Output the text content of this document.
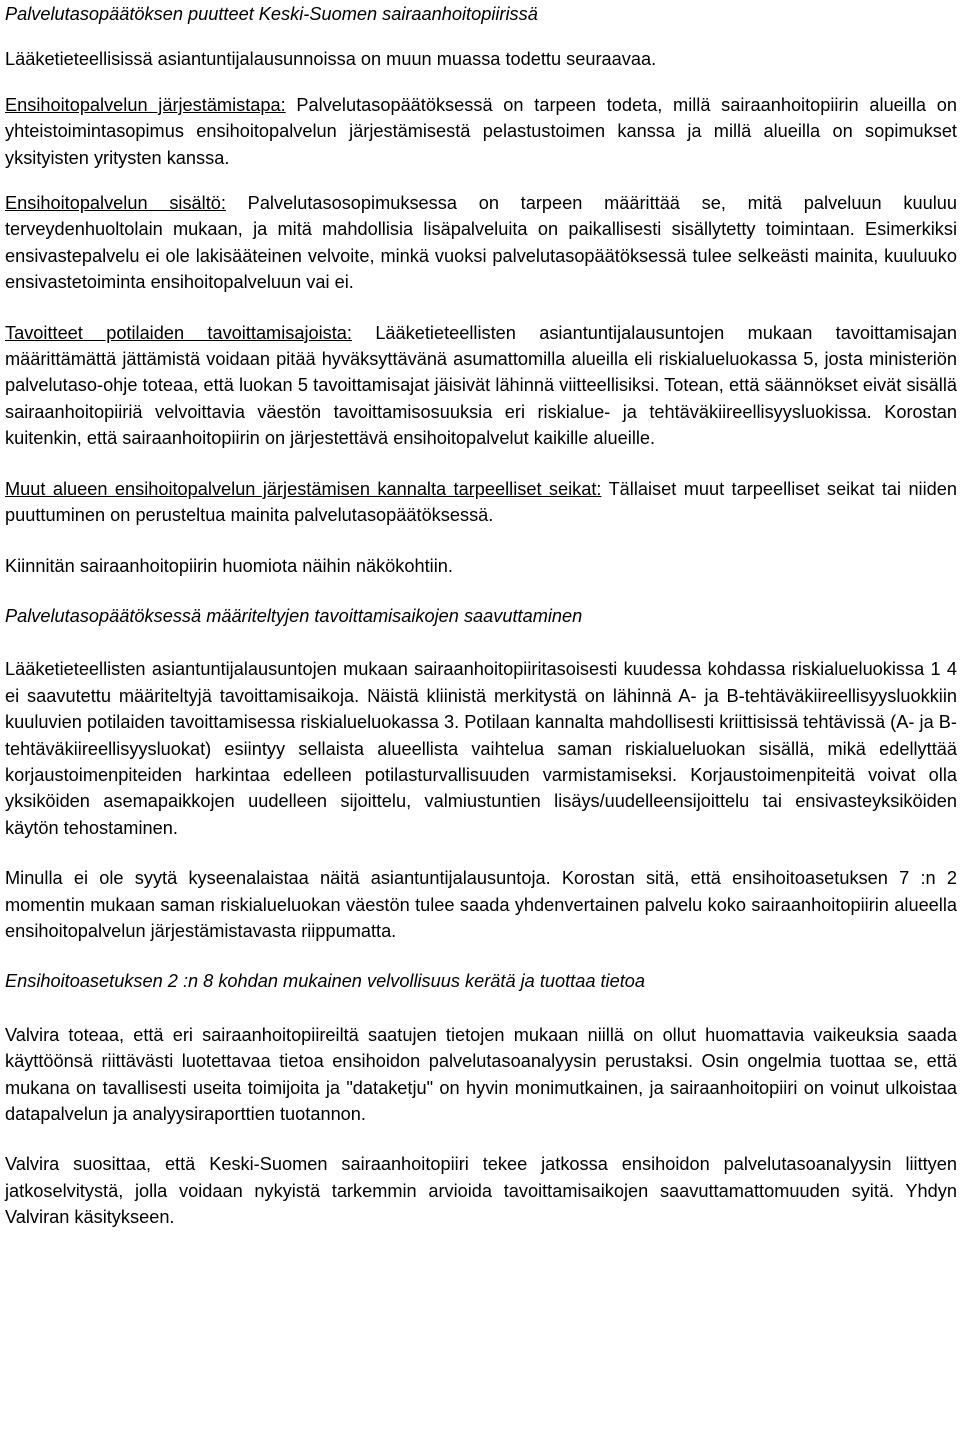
Palvelutasopäätöksen puutteet Keski-Suomen sairaanhoitopiirissä

Lääketieteellisissä asiantuntijalausunnoissa on muun muassa todettu seuraavaa.

Ensihoitopalvelun järjestämistapa: Palvelutasopäätöksessä on tarpeen todeta, millä sairaanhoitopiirin alueilla on yhteistoimintasopimus ensihoitopalvelun järjestämisestä pelastustoimen kanssa ja millä alueilla on sopimukset yksityisten yritysten kanssa.

Ensihoitopalvelun sisältö: Palvelutasosopimuksessa on tarpeen määrittää se, mitä palveluun kuuluu terveydenhuoltolain mukaan, ja mitä mahdollisia lisäpalveluita on paikallisesti sisällytetty toimintaan. Esimerkiksi ensivastepalvelu ei ole lakisääteinen velvoite, minkä vuoksi palvelutasopäätöksessä tulee selkeästi mainita, kuuluuko ensivastetoiminta ensihoitopalveluun vai ei.

Tavoitteet potilaiden tavoittamisajoista: Lääketieteellisten asiantuntijalausuntojen mukaan tavoittamisajan määrittämättä jättämistä voidaan pitää hyväksyttävänä asumattomilla alueilla eli riskialueluokassa 5, josta ministeriön palvelutaso-ohje toteaa, että luokan 5 tavoittamisajat jäisivät lähinnä viitteellisiksi. Totean, että säännökset eivät sisällä sairaanhoitopiiriä velvoittavia väestön tavoittamisosuuksia eri riskialue- ja tehtäväkiireellisyysluokissa. Korostan kuitenkin, että sairaanhoitopiirin on järjestettävä ensihoitopalvelut kaikille alueille.

Muut alueen ensihoitopalvelun järjestämisen kannalta tarpeelliset seikat: Tällaiset muut tarpeelliset seikat tai niiden puuttuminen on perusteltua mainita palvelutasopäätöksessä.

Kiinnitän sairaanhoitopiirin huomiota näihin näkökohtiin.

Palvelutasopäätöksessä määriteltyjen tavoittamisaikojen saavuttaminen

Lääketieteellisten asiantuntijalausuntojen mukaan sairaanhoitopiiritasoisesti kuudessa kohdassa riskialueluokissa 1 4 ei saavutettu määriteltyjä tavoittamisaikoja. Näistä kliinistä merkitystä on lähinnä A- ja B-tehtäväkiireellisyysluokkiin kuuluvien potilaiden tavoittamisessa riskialueluokassa 3. Potilaan kannalta mahdollisesti kriittisissä tehtävissä (A- ja B-tehtäväkiireellisyysluokat) esiintyy sellaista alueellista vaihtelua saman riskialueluokan sisällä, mikä edellyttää korjaustoimenpiteiden harkintaa edelleen potilasturvallisuuden varmistamiseksi. Korjaustoimenpiteitä voivat olla yksiköiden asemapaikkojen uudelleen sijoittelu, valmiustuntien lisäys/uudelleensijoittelu tai ensivasteyksiköiden käytön tehostaminen.

Minulla ei ole syytä kyseenalaistaa näitä asiantuntijalausuntoja. Korostan sitä, että ensihoitoasetuksen 7 :n 2 momentin mukaan saman riskialueluokan väestön tulee saada yhdenvertainen palvelu koko sairaanhoitopiirin alueella ensihoitopalvelun järjestämistavasta riippumatta.

Ensihoitoasetuksen 2 :n 8 kohdan mukainen velvollisuus kerätä ja tuottaa tietoa

Valvira toteaa, että eri sairaanhoitopiireiltä saatujen tietojen mukaan niillä on ollut huomattavia vaikeuksia saada käyttöönsä riittävästi luotettavaa tietoa ensihoidon palvelutasoanalyysin perustaksi. Osin ongelmia tuottaa se, että mukana on tavallisesti useita toimijoita ja "dataketju" on hyvin monimutkainen, ja sairaanhoitopiiri on voinut ulkoistaa datapalvelun ja analyysiraporttien tuotannon.

Valvira suosittaa, että Keski-Suomen sairaanhoitopiiri tekee jatkossa ensihoidon palvelutasoanalyysin liittyen jatkoselvitystä, jolla voidaan nykyistä tarkemmin arvioida tavoittamisaikojen saavuttamattomuuden syitä. Yhdyn Valviran käsitykseen.
